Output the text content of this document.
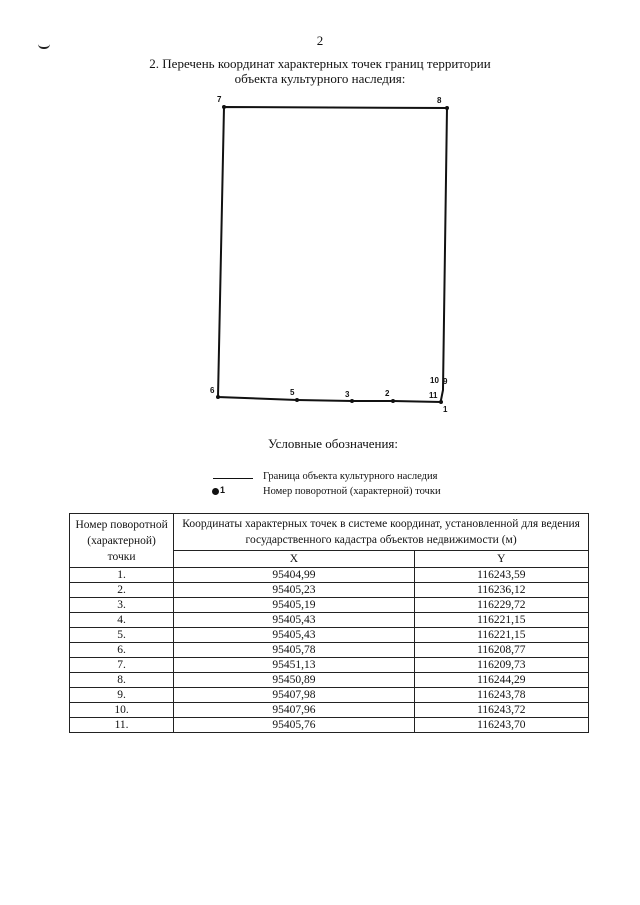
2
2. Перечень координат характерных точек границ территории
объекта культурного наследия:
1
2
3
5
6
7	8
10 9
11
Условные обозначения:
Граница объекта культурного наследия
1	Номер поворотной (характерной) точки
Номер поворотной (характерной) точки	Координаты характерных точек в системе координат, установленной для ведения государственного кадастра объектов недвижимости (м)	
	X	Y
1.	95404,99	116243,59
2.	95405,23	116236,12
3.	95405,19	116229,72
4.	95405,43	116221,15
5.	95405,43	116221,15
6.	95405,78	116208,77
7.	95451,13	116209,73
8.	95450,89	116244,29
9.	95407,98	116243,78
10.	95407,96	116243,72
11.	95405,76	116243,70
